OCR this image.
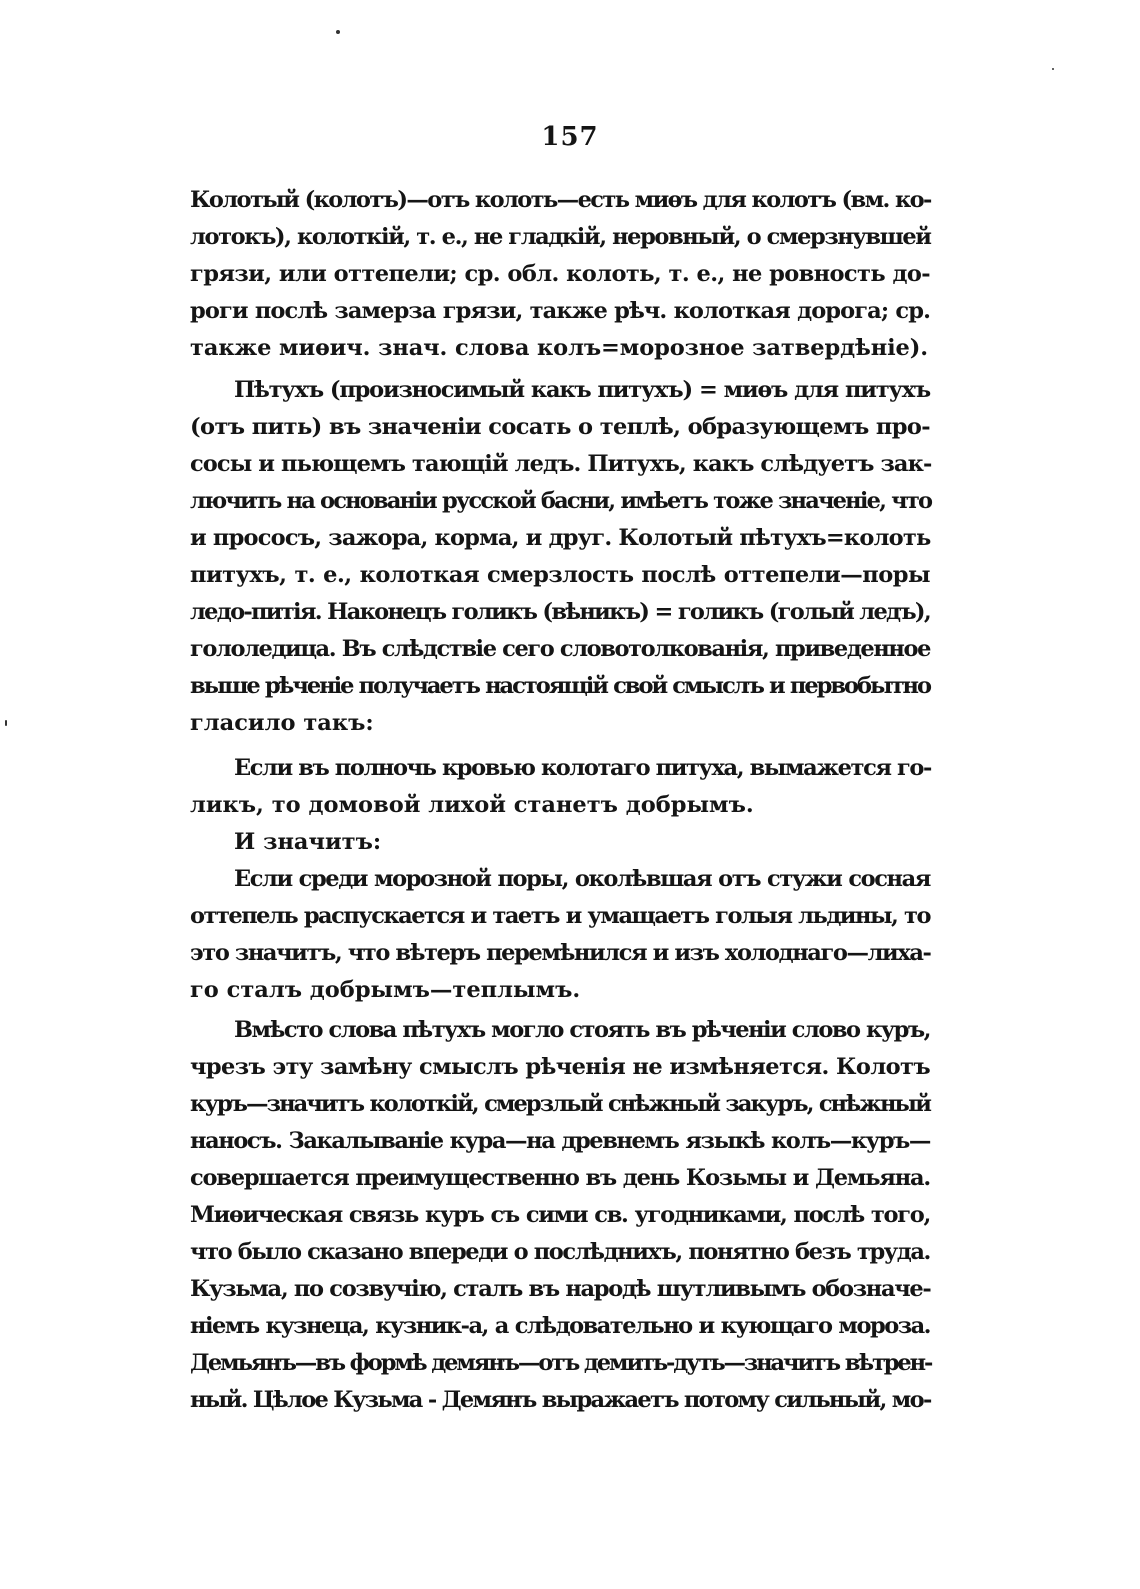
157
Колотый (колотъ)—отъ колоть—есть миѳъ для колотъ (вм. ко-
лотокъ), колоткій, т. е., не гладкій, неровный, о смерзнувшей
грязи, или оттепели; ср. обл. колоть, т. е., не ровность до-
роги послѣ замерза грязи, также рѣч. колоткая дорога; ср.
также миѳич. знач. слова колъ=морозное затвердѣніе).
Пѣтухъ (произносимый какъ питухъ) = миѳъ для питухъ
(отъ пить) въ значеніи сосать о теплѣ, образующемъ про-
сосы и пьющемъ тающій ледъ. Питухъ, какъ слѣдуетъ зак-
лючить на основаніи русской басни, имѣетъ тоже значеніе, что
и просоcъ, зажора, корма, и друг. Колотый пѣтухъ=колоть
питухъ, т. е., колоткая смерзлость послѣ оттепели—поры
ледо-питія. Наконецъ голикъ (вѣникъ) = голикъ (голый ледъ),
гололедица. Въ слѣдствіе сего словотолкованія, приведенное
выше рѣченіе получаетъ настоящій свой смыслъ и первобытно
гласило такъ:
Если въ полночь кровью колотаго питуха, вымажется го-
ликъ, то домовой лихой станетъ добрымъ.
И значитъ:
Если среди морозной поры, околѣвшая отъ стужи сосная
оттепель распускается и таетъ и умащаетъ голыя льдины, то
это значитъ, что вѣтеръ перемѣнился и изъ холоднаго—лиха-
го сталъ добрымъ—теплымъ.
Вмѣсто слова пѣтухъ могло стоять въ рѣченіи слово куръ,
чрезъ эту замѣну смыслъ рѣченія не измѣняется. Колотъ
куръ—значитъ колоткій, смерзлый снѣжный закуръ, снѣжный
наносъ. Закалываніе кура—на древнемъ языкѣ колъ—куръ—
совершается преимущественно въ день Козьмы и Демьяна.
Миѳическая связь куръ съ сими св. угодниками, послѣ того,
что было сказано впереди о послѣднихъ, понятно безъ труда.
Кузьма, по созвучію, сталъ въ народѣ шутливымъ обозначе-
ніемъ кузнеца, кузник-а, а слѣдовательно и кующаго мороза.
Демьянъ—въ формѣ демянъ—отъ демить-дуть—значитъ вѣтрен-
ный. Цѣлое Кузьма - Демянъ выражаетъ потому сильный, мо-
